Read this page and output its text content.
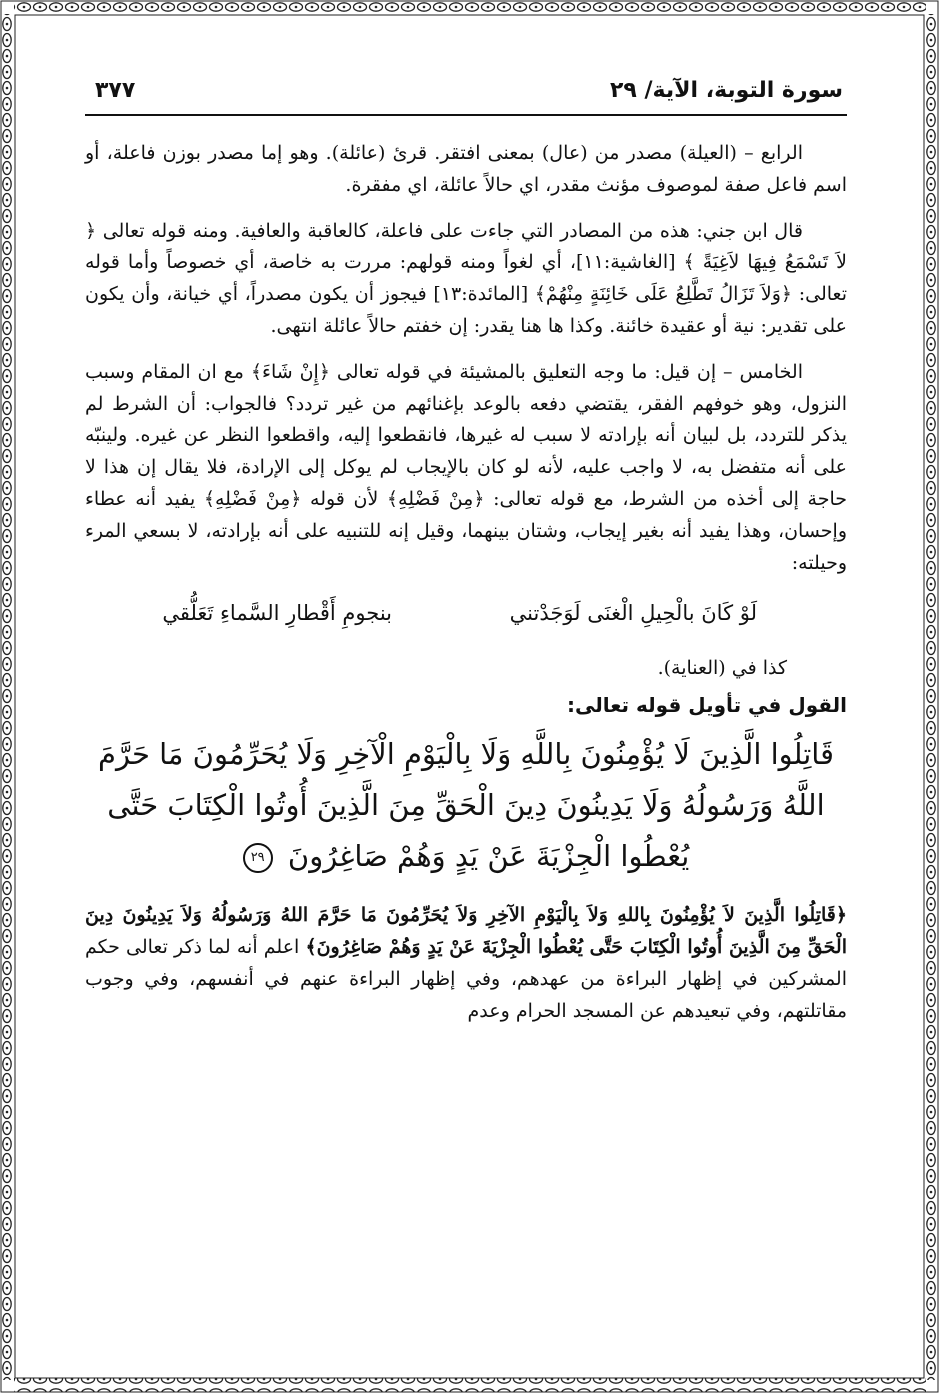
سورة التوبة، الآية/ ٢٩
٣٧٧

الرابع – (العيلة) مصدر من (عال) بمعنى افتقر. قرئ (عائلة). وهو إما مصدر بوزن فاعلة، أو اسم فاعل صفة لموصوف مؤنث مقدر، اي حالاً عائلة، اي مفقرة.

قال ابن جني: هذه من المصادر التي جاءت على فاعلة، كالعاقبة والعافية. ومنه قوله تعالى ﴿ لاَ تَسْمَعُ فِيهَا لاَغِيَةً ﴾ [الغاشية:١١]، أي لغواً ومنه قولهم: مررت به خاصة، أي خصوصاً وأما قوله تعالى: ﴿وَلاَ تَزَالُ تَطَّلِعُ عَلَى خَائِنَةٍ مِنْهُمْ﴾ [المائدة:١٣] فيجوز أن يكون مصدراً، أي خيانة، وأن يكون على تقدير: نية أو عقيدة خائنة. وكذا ها هنا يقدر: إن خفتم حالاً عائلة انتهى.

الخامس – إن قيل: ما وجه التعليق بالمشيئة في قوله تعالى ﴿إِنْ شَاءَ﴾ مع ان المقام وسبب النزول، وهو خوفهم الفقر، يقتضي دفعه بالوعد بإغنائهم من غير تردد؟ فالجواب: أن الشرط لم يذكر للتردد، بل لبيان أنه بإرادته لا سبب له غيرها، فانقطعوا إليه، واقطعوا النظر عن غيره. ولينبّه على أنه متفضل به، لا واجب عليه، لأنه لو كان بالإيجاب لم يوكل إلى الإرادة، فلا يقال إن هذا لا حاجة إلى أخذه من الشرط، مع قوله تعالى: ﴿مِنْ فَضْلِهِ﴾ لأن قوله ﴿مِنْ فَضْلِهِ﴾ يفيد أنه عطاء وإحسان، وهذا يفيد أنه بغير إيجاب، وشتان بينهما، وقيل إنه للتنبيه على أنه بإرادته، لا بسعي المرء وحيلته:

لَوْ كَانَ بالْحِيلِ الْغنَى لَوَجَدْتني
بنجومِ أَقْطارِ السَّماءِ تَعَلُّقي

كذا في (العناية).

القول في تأويل قوله تعالى:
قَاتِلُوا الَّذِينَ لَا يُؤْمِنُونَ بِاللَّهِ وَلَا بِالْيَوْمِ الْآخِرِ وَلَا يُحَرِّمُونَ مَا حَرَّمَ اللَّهُ وَرَسُولُهُ وَلَا يَدِينُونَ دِينَ الْحَقِّ مِنَ الَّذِينَ أُوتُوا الْكِتَابَ حَتَّى يُعْطُوا الْجِزْيَةَ عَنْ يَدٍ وَهُمْ صَاغِرُونَ ٢٩

﴿قَاتِلُوا الَّذِينَ لاَ يُؤْمِنُونَ بِاللهِ وَلاَ بِالْيَوْمِ الآخِرِ وَلاَ يُحَرِّمُونَ مَا حَرَّمَ اللهُ وَرَسُولُهُ وَلاَ يَدِينُونَ دِينَ الْحَقِّ مِنَ الَّذِينَ أُوتُوا الْكِتَابَ حَتَّى يُعْطُوا الْجِزْيَةَ عَنْ يَدٍ وَهُمْ صَاغِرُونَ﴾ اعلم أنه لما ذكر تعالى حكم المشركين في إظهار البراءة من عهدهم، وفي إظهار البراءة عنهم في أنفسهم، وفي وجوب مقاتلتهم، وفي تبعيدهم عن المسجد الحرام وعدم
